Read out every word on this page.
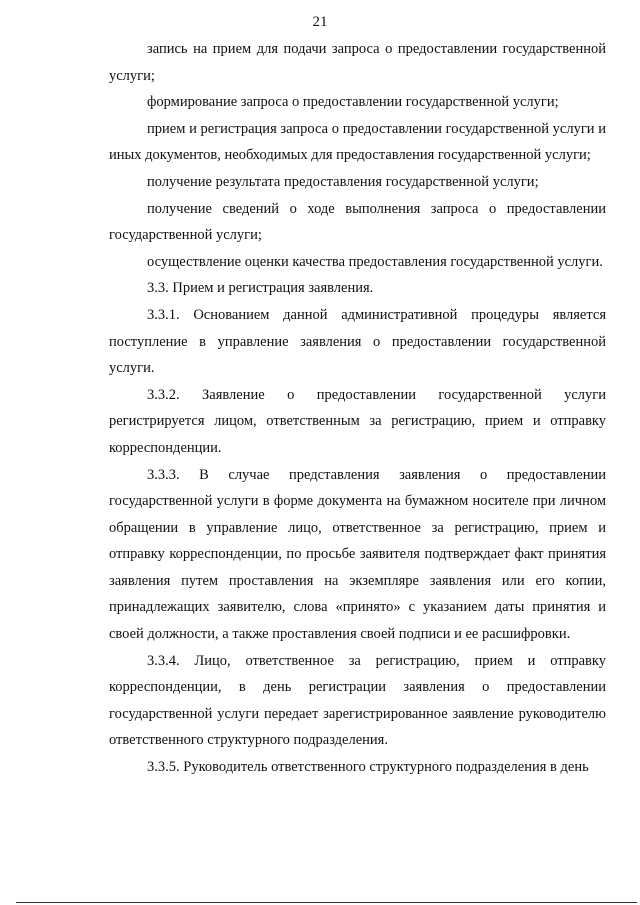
21

запись на прием для подачи запроса о предоставлении государственной услуги;

формирование запроса о предоставлении государственной услуги;

прием и регистрация запроса о предоставлении государственной услуги и иных документов, необходимых для предоставления государственной услуги;

получение результата предоставления государственной услуги;

получение сведений о ходе выполнения запроса о предоставлении государственной услуги;

осуществление оценки качества предоставления государственной услуги.

3.3. Прием и регистрация заявления.

3.3.1. Основанием данной административной процедуры является поступление в управление заявления о предоставлении государственной услуги.

3.3.2. Заявление о предоставлении государственной услуги регистрируется лицом, ответственным за регистрацию, прием и отправку корреспонденции.

3.3.3. В случае представления заявления о предоставлении государственной услуги в форме документа на бумажном носителе при личном обращении в управление лицо, ответственное за регистрацию, прием и отправку корреспонденции, по просьбе заявителя подтверждает факт принятия заявления путем проставления на экземпляре заявления или его копии, принадлежащих заявителю, слова «принято» с указанием даты принятия и своей должности, а также проставления своей подписи и ее расшифровки.

3.3.4. Лицо, ответственное за регистрацию, прием и отправку корреспонденции, в день регистрации заявления о предоставлении государственной услуги передает зарегистрированное заявление руководителю ответственного структурного подразделения.

3.3.5. Руководитель ответственного структурного подразделения в день
